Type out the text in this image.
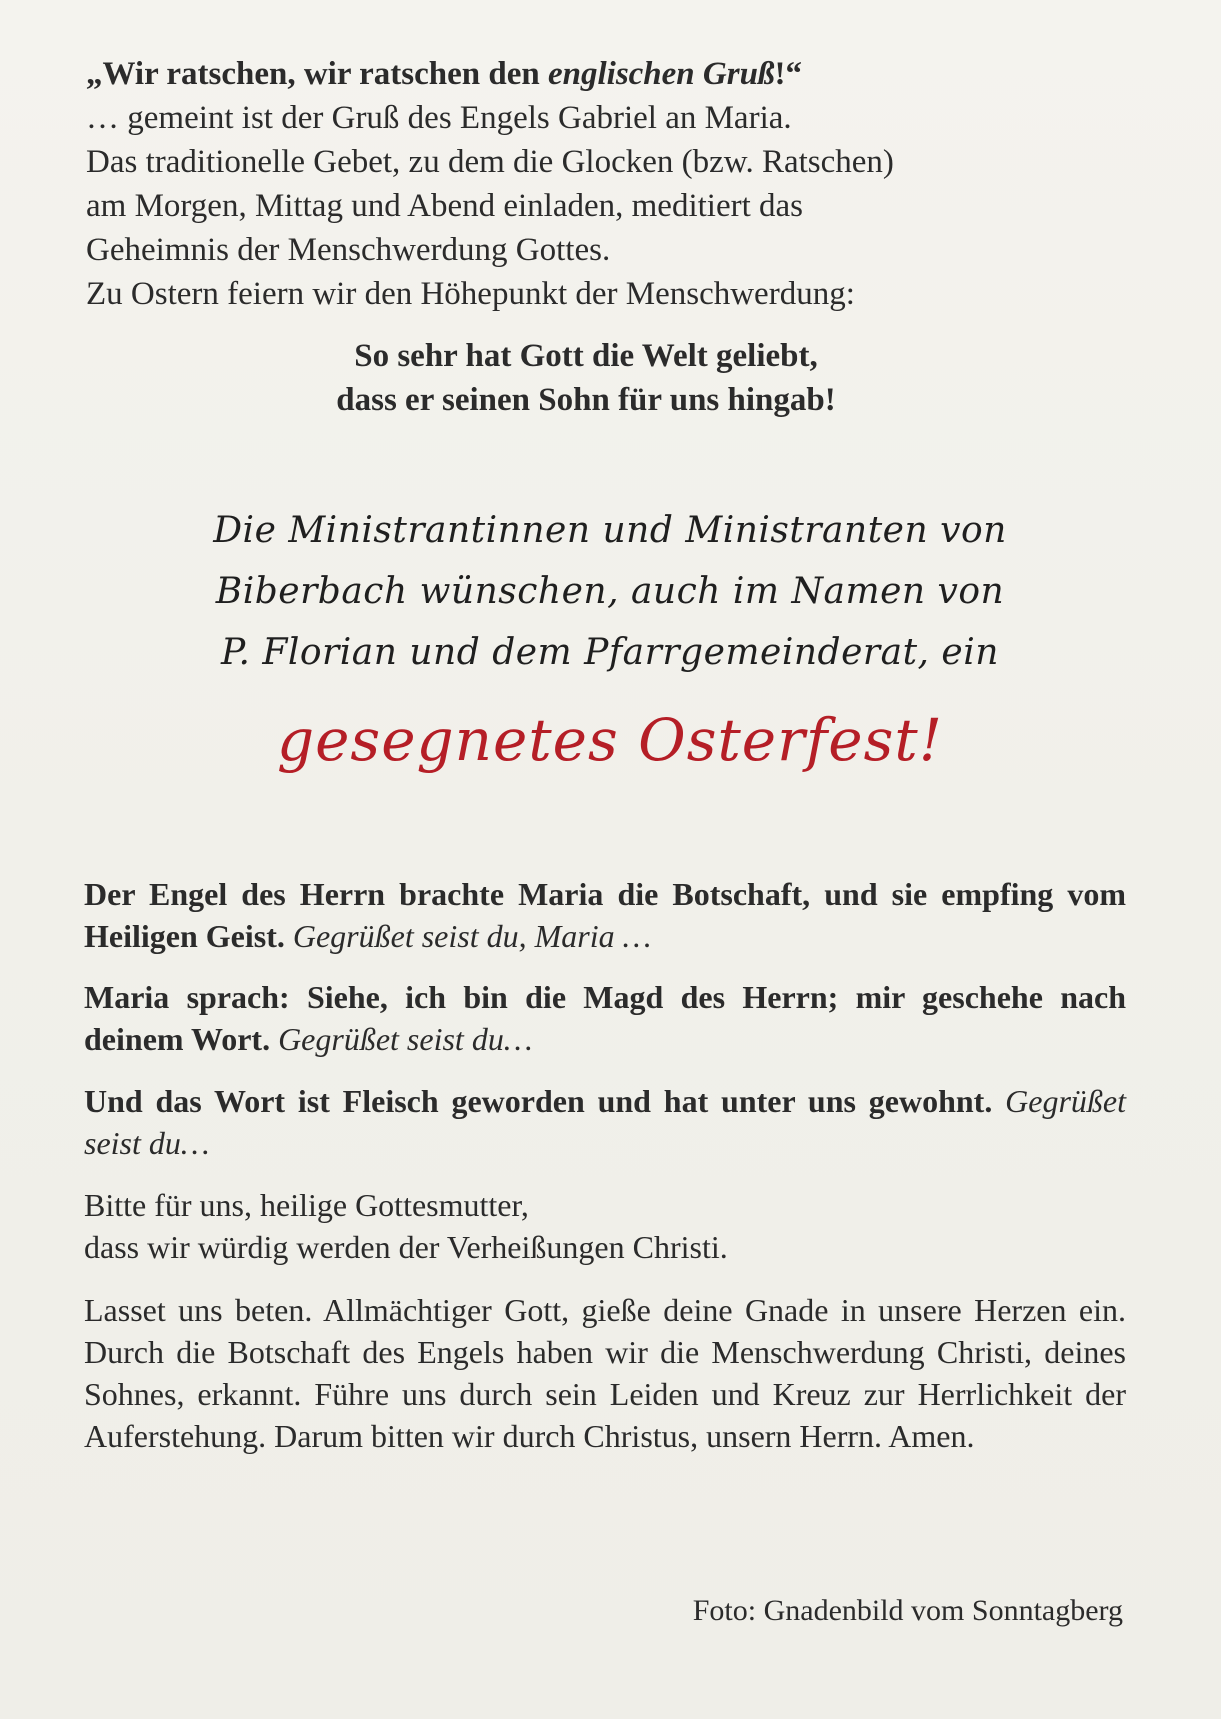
„Wir ratschen, wir ratschen den englischen Gruß!“
… gemeint ist der Gruß des Engels Gabriel an Maria.
Das traditionelle Gebet, zu dem die Glocken (bzw. Ratschen)
am Morgen, Mittag und Abend einladen, meditiert das
Geheimnis der Menschwerdung Gottes.
Zu Ostern feiern wir den Höhepunkt der Menschwerdung:
So sehr hat Gott die Welt geliebt,
dass er seinen Sohn für uns hingab!
Die Ministrantinnen und Ministranten von
Biberbach wünschen, auch im Namen von
P. Florian und dem Pfarrgemeinderat, ein
gesegnetes Osterfest!
Der Engel des Herrn brachte Maria die Botschaft, und sie empfing vom Heiligen Geist. Gegrüßet seist du, Maria …
Maria sprach: Siehe, ich bin die Magd des Herrn; mir geschehe nach deinem Wort. Gegrüßet seist du…
Und das Wort ist Fleisch geworden und hat unter uns gewohnt. Gegrüßet seist du…
Bitte für uns, heilige Gottesmutter,
dass wir würdig werden der Verheißungen Christi.
Lasset uns beten. Allmächtiger Gott, gieße deine Gnade in unsere Herzen ein. Durch die Botschaft des Engels haben wir die Menschwerdung Christi, deines Sohnes, erkannt. Führe uns durch sein Leiden und Kreuz zur Herrlichkeit der Auferstehung. Darum bitten wir durch Christus, unsern Herrn. Amen.
Foto: Gnadenbild vom Sonntagberg
